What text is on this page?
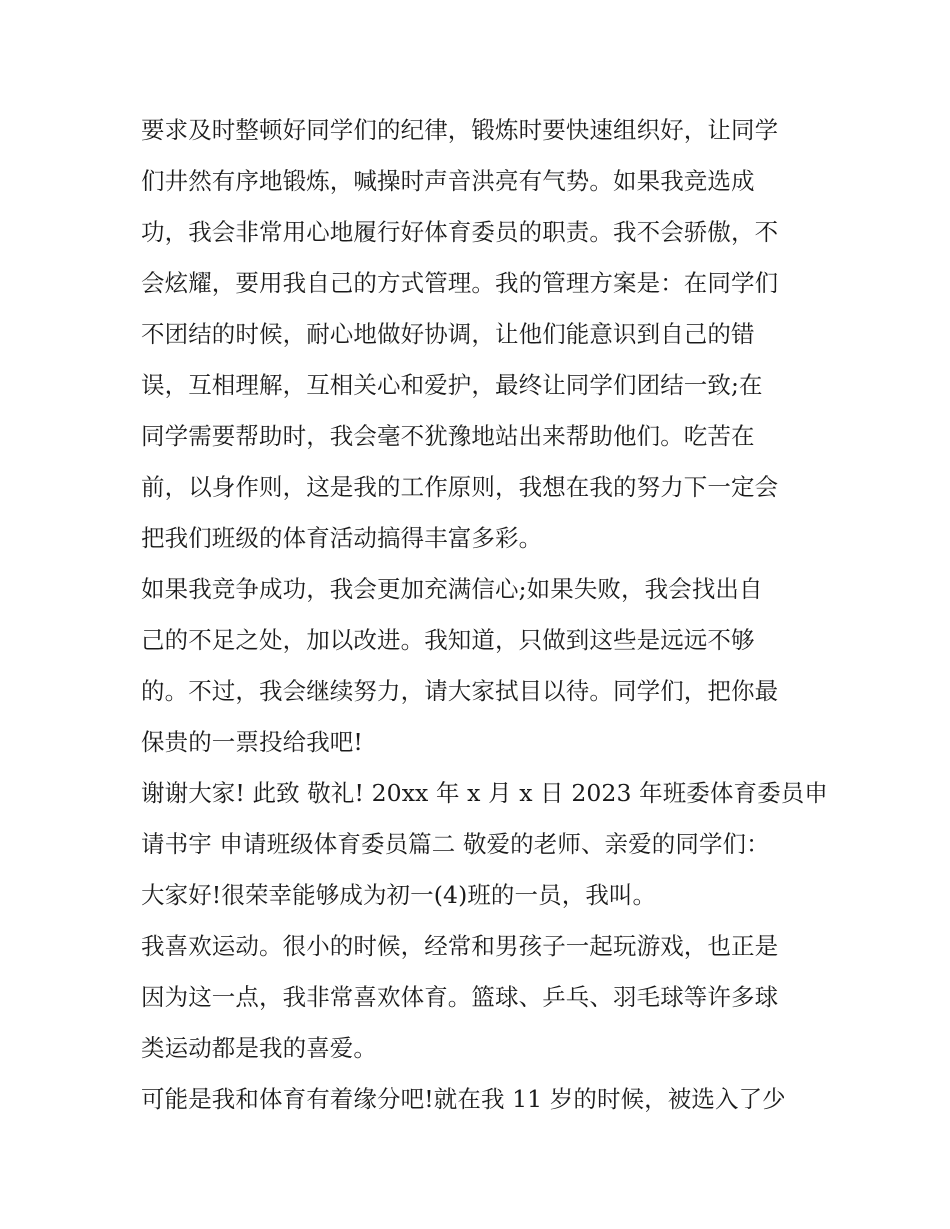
要求及时整顿好同学们的纪律，锻炼时要快速组织好，让同学
们井然有序地锻炼，喊操时声音洪亮有气势。如果我竞选成
功，我会非常用心地履行好体育委员的职责。我不会骄傲，不
会炫耀，要用我自己的方式管理。我的管理方案是：在同学们
不团结的时候，耐心地做好协调，让他们能意识到自己的错
误，互相理解，互相关心和爱护，最终让同学们团结一致;在
同学需要帮助时，我会毫不犹豫地站出来帮助他们。吃苦在
前，以身作则，这是我的工作原则，我想在我的努力下一定会
把我们班级的体育活动搞得丰富多彩。
如果我竞争成功，我会更加充满信心;如果失败，我会找出自
己的不足之处，加以改进。我知道，只做到这些是远远不够
的。不过，我会继续努力，请大家拭目以待。同学们，把你最
保贵的一票投给我吧!
谢谢大家! 此致 敬礼! 20xx 年 x 月 x 日 2023 年班委体育委员申
请书宇 申请班级体育委员篇二 敬爱的老师、亲爱的同学们：
大家好!很荣幸能够成为初一(4)班的一员，我叫。
我喜欢运动。很小的时候，经常和男孩子一起玩游戏，也正是
因为这一点，我非常喜欢体育。篮球、乒乓、羽毛球等许多球
类运动都是我的喜爱。
可能是我和体育有着缘分吧!就在我 11 岁的时候，被选入了少
